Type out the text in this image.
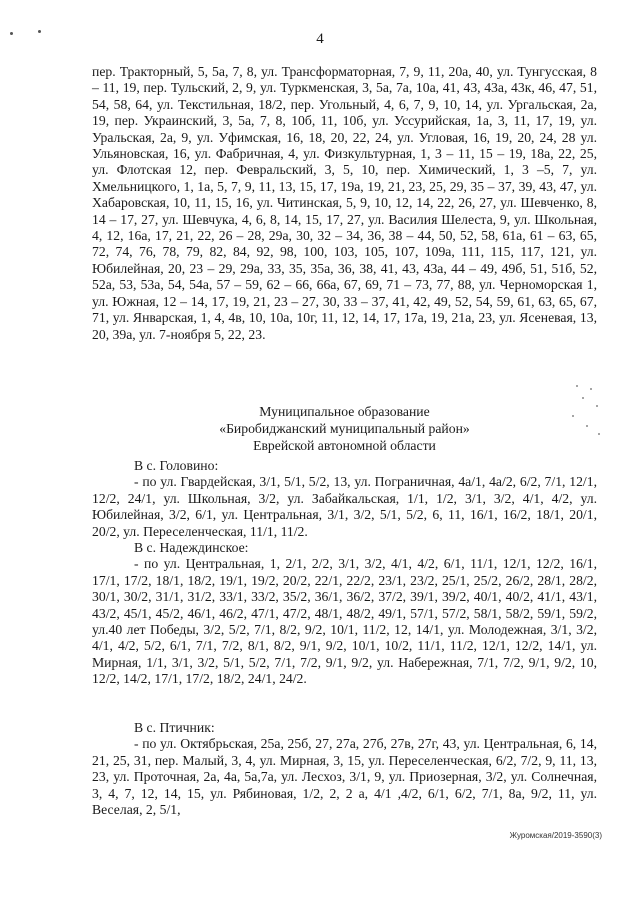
4
пер. Тракторный, 5, 5а, 7, 8, ул. Трансформаторная, 7, 9, 11, 20а, 40, ул. Тунгусская, 8 – 11, 19, пер. Тульский, 2, 9, ул. Туркменская, 3, 5а, 7а, 10а, 41, 43, 43а, 43к, 46, 47, 51, 54, 58, 64, ул. Текстильная, 18/2, пер. Угольный, 4, 6, 7, 9, 10, 14, ул. Ургальская, 2а, 19, пер. Украинский, 3, 5а, 7, 8, 10б, 11, 10б, ул. Уссурийская, 1а, 3, 11, 17, 19, ул. Уральская, 2а, 9, ул. Уфимская, 16, 18, 20, 22, 24, ул. Угловая, 16, 19, 20, 24, 28 ул. Ульяновская, 16, ул. Фабричная, 4, ул. Физкультурная, 1, 3 – 11, 15 – 19, 18а, 22, 25, ул. Флотская 12, пер. Февральский, 3, 5, 10, пер. Химический, 1, 3 –5, 7, ул. Хмельницкого, 1, 1а, 5, 7, 9, 11, 13, 15, 17, 19а, 19, 21, 23, 25, 29, 35 – 37, 39, 43, 47, ул. Хабаровская, 10, 11, 15, 16, ул. Читинская, 5, 9, 10, 12, 14, 22, 26, 27, ул. Шевченко, 8, 14 – 17, 27, ул. Шевчука, 4, 6, 8, 14, 15, 17, 27, ул. Василия Шелеста, 9, ул. Школьная, 4, 12, 16а, 17, 21, 22, 26 – 28, 29а, 30, 32 – 34, 36, 38 – 44, 50, 52, 58, 61а, 61 – 63, 65, 72, 74, 76, 78, 79, 82, 84, 92, 98, 100, 103, 105, 107, 109а, 111, 115, 117, 121, ул. Юбилейная, 20, 23 – 29, 29а, 33, 35, 35а, 36, 38, 41, 43, 43а, 44 – 49, 49б, 51, 51б, 52, 52а, 53, 53а, 54, 54а, 57 – 59, 62 – 66, 66а, 67, 69, 71 – 73, 77, 88, ул. Черноморская 1, ул. Южная, 12 – 14, 17, 19, 21, 23 – 27, 30, 33 – 37, 41, 42, 49, 52, 54, 59, 61, 63, 65, 67, 71, ул. Январская, 1, 4, 4в, 10, 10а, 10г, 11, 12, 14, 17, 17а, 19, 21а, 23, ул. Ясеневая, 13, 20, 39а, ул. 7-ноября 5, 22, 23.
Муниципальное образование
«Биробиджанский муниципальный район»
Еврейской автономной области
В с. Головино:
- по ул. Гвардейская, 3/1, 5/1, 5/2, 13, ул. Пограничная, 4а/1, 4а/2, 6/2, 7/1, 12/1, 12/2, 24/1, ул. Школьная, 3/2, ул. Забайкальская, 1/1, 1/2, 3/1, 3/2, 4/1, 4/2, ул. Юбилейная, 3/2, 6/1, ул. Центральная, 3/1, 3/2, 5/1, 5/2, 6, 11, 16/1, 16/2, 18/1, 20/1, 20/2, ул. Переселенческая, 11/1, 11/2.
В с. Надеждинское:
- по ул. Центральная, 1, 2/1, 2/2, 3/1, 3/2, 4/1, 4/2, 6/1, 11/1, 12/1, 12/2, 16/1, 17/1, 17/2, 18/1, 18/2, 19/1, 19/2, 20/2, 22/1, 22/2, 23/1, 23/2, 25/1, 25/2, 26/2, 28/1, 28/2, 30/1, 30/2, 31/1, 31/2, 33/1, 33/2, 35/2, 36/1, 36/2, 37/2, 39/1, 39/2, 40/1, 40/2, 41/1, 43/1, 43/2, 45/1, 45/2, 46/1, 46/2, 47/1, 47/2, 48/1, 48/2, 49/1, 57/1, 57/2, 58/1, 58/2, 59/1, 59/2, ул.40 лет Победы, 3/2, 5/2, 7/1, 8/2, 9/2, 10/1, 11/2, 12, 14/1, ул. Молодежная, 3/1, 3/2, 4/1, 4/2, 5/2, 6/1, 7/1, 7/2, 8/1, 8/2, 9/1, 9/2, 10/1, 10/2, 11/1, 11/2, 12/1, 12/2, 14/1, ул. Мирная, 1/1, 3/1, 3/2, 5/1, 5/2, 7/1, 7/2, 9/1, 9/2, ул. Набережная, 7/1, 7/2, 9/1, 9/2, 10, 12/2, 14/2, 17/1, 17/2, 18/2, 24/1, 24/2.
В с. Птичник:
- по ул. Октябрьская, 25а, 25б, 27, 27а, 27б, 27в, 27г, 43, ул. Центральная, 6, 14, 21, 25, 31, пер. Малый, 3, 4, ул. Мирная, 3, 15, ул. Переселенческая, 6/2, 7/2, 9, 11, 13, 23, ул. Проточная, 2а, 4а, 5а,7а, ул. Лесхоз, 3/1, 9, ул. Приозерная, 3/2, ул. Солнечная, 3, 4, 7, 12, 14, 15, ул. Рябиновая, 1/2, 2, 2 а, 4/1 ,4/2, 6/1, 6/2, 7/1, 8а, 9/2, 11, ул. Веселая, 2, 5/1,
Журомская/2019-3590(3)
